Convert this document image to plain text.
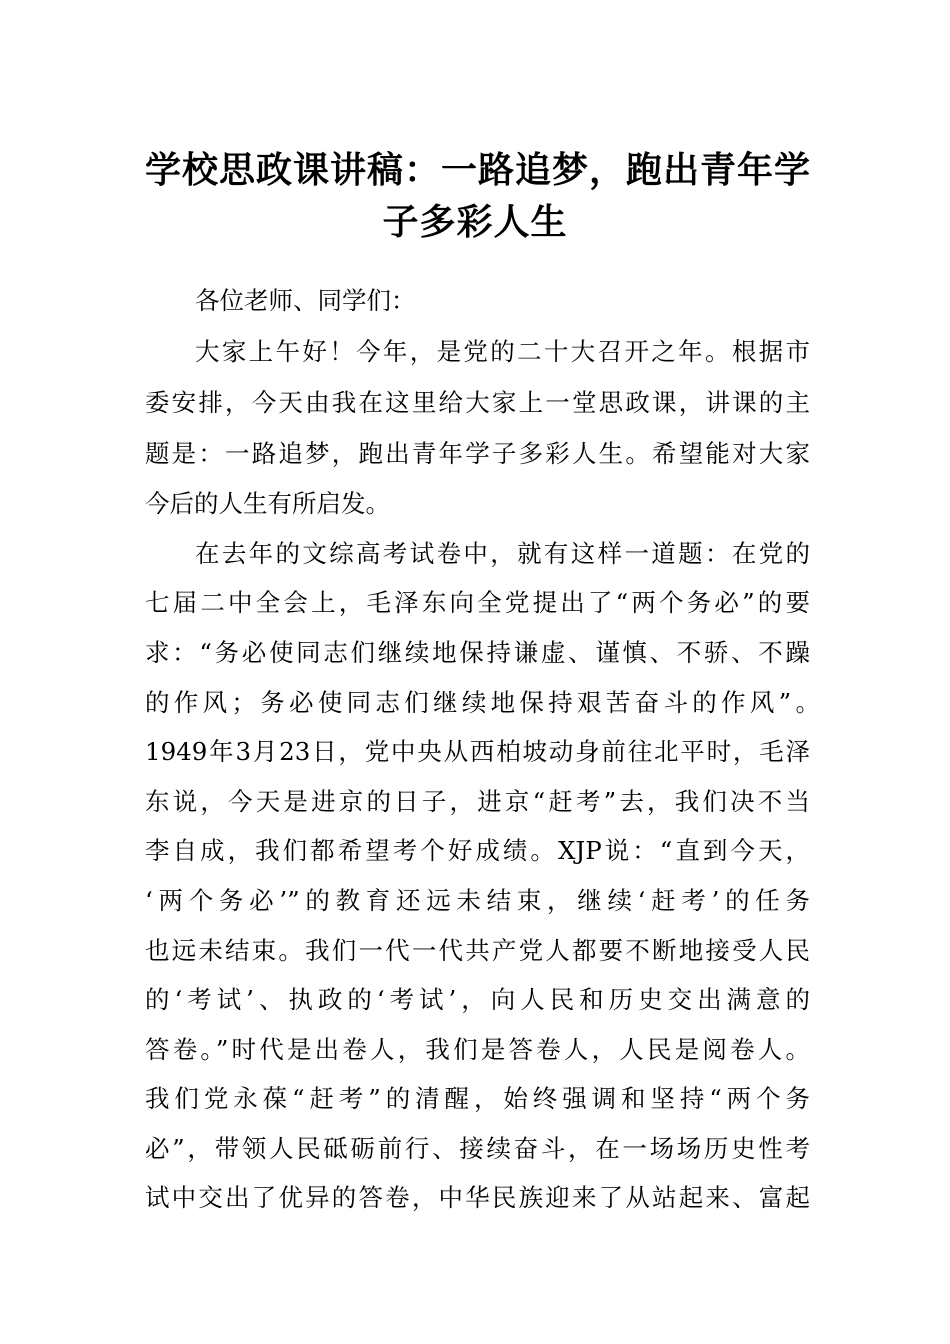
学校思政课讲稿：一路追梦，跑出青年学
子多彩人生
各位老师、同学们：
大家上午好！今年，是党的二十大召开之年。根据市
委安排，今天由我在这里给大家上一堂思政课，讲课的主
题是：一路追梦，跑出青年学子多彩人生。希望能对大家
今后的人生有所启发。
在去年的文综高考试卷中，就有这样一道题：在党的
七届二中全会上，毛泽东向全党提出了“两个务必”的要
求：“务必使同志们继续地保持谦虚、谨慎、不骄、不躁
的作风；务必使同志们继续地保持艰苦奋斗的作风”。
1949年3月23日，党中央从西柏坡动身前往北平时，毛泽
东说，今天是进京的日子，进京“赶考”去，我们决不当
李自成，我们都希望考个好成绩。XJP说：“直到今天，
‘两个务必’”的教育还远未结束，继续‘赶考’的任务
也远未结束。我们一代一代共产党人都要不断地接受人民
的‘考试’、执政的‘考试’，向人民和历史交出满意的
答卷。”时代是出卷人，我们是答卷人，人民是阅卷人。
我们党永葆“赶考”的清醒，始终强调和坚持“两个务
必”，带领人民砥砺前行、接续奋斗，在一场场历史性考
试中交出了优异的答卷，中华民族迎来了从站起来、富起
